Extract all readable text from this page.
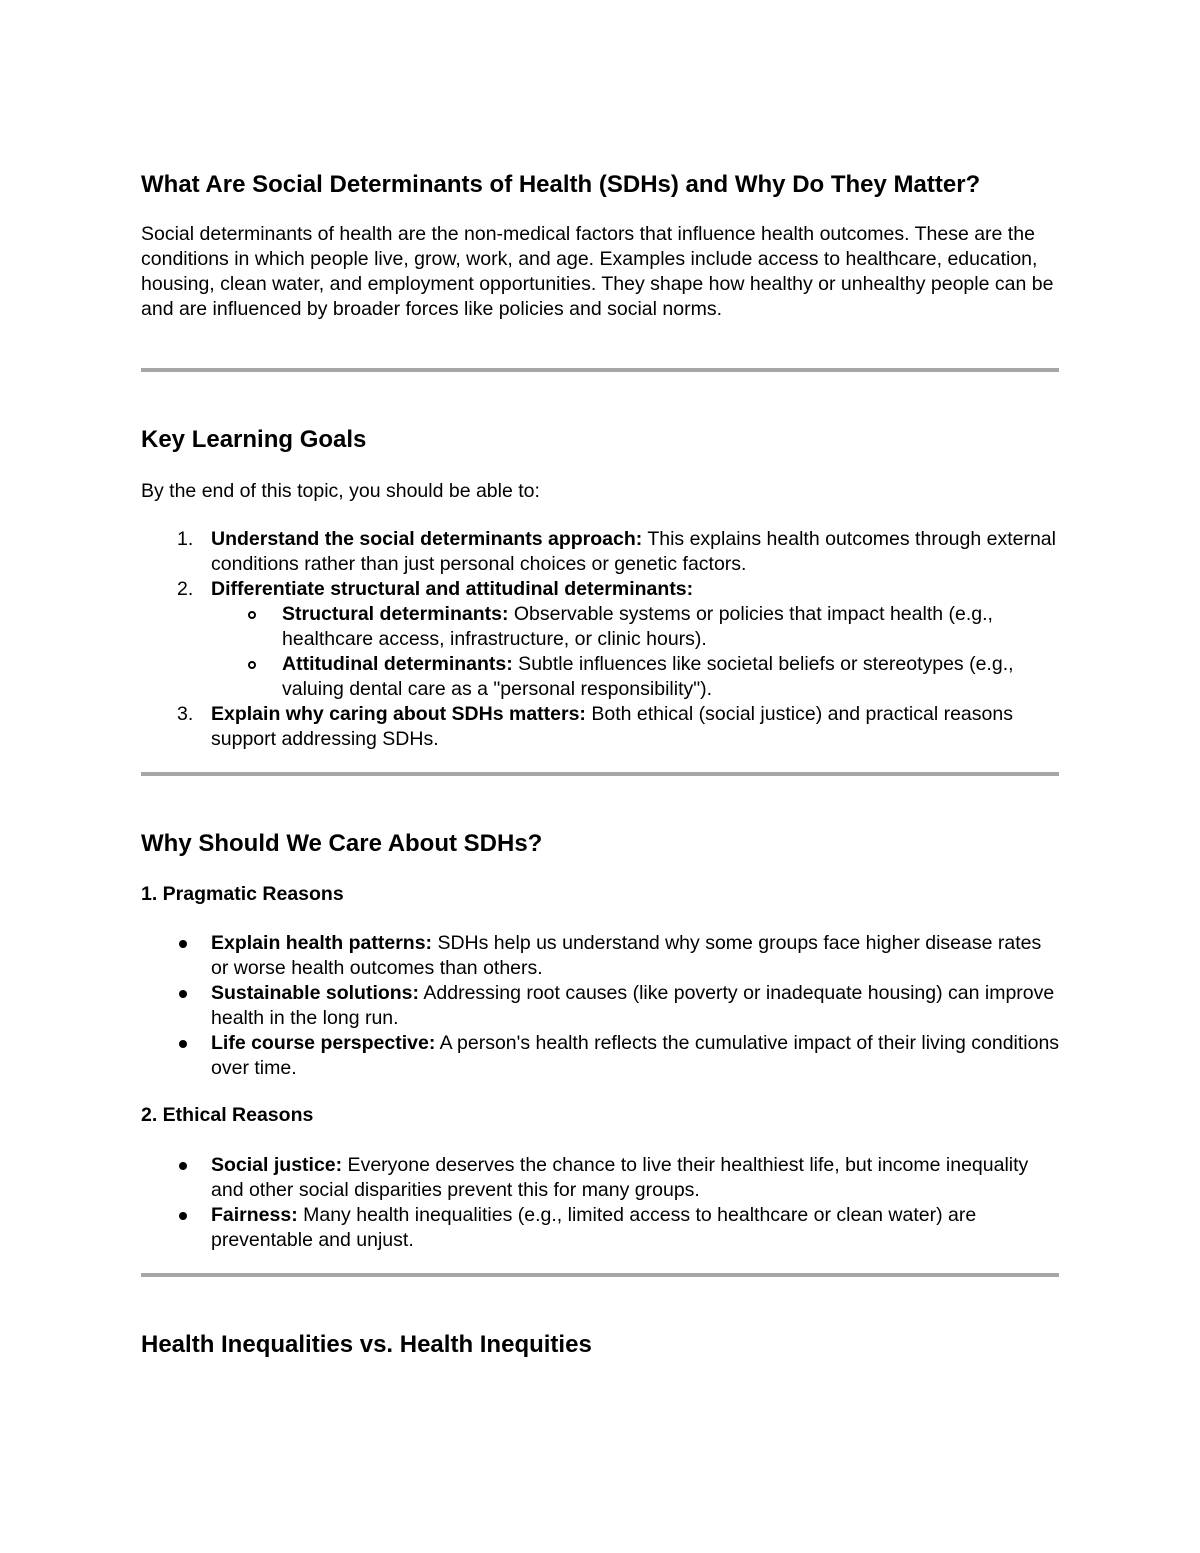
What Are Social Determinants of Health (SDHs) and Why Do They Matter?

Social determinants of health are the non-medical factors that influence health outcomes. These are the conditions in which people live, grow, work, and age. Examples include access to healthcare, education, housing, clean water, and employment opportunities. They shape how healthy or unhealthy people can be and are influenced by broader forces like policies and social norms.

Key Learning Goals

By the end of this topic, you should be able to:

1. Understand the social determinants approach: This explains health outcomes through external conditions rather than just personal choices or genetic factors.
2. Differentiate structural and attitudinal determinants:
Structural determinants: Observable systems or policies that impact health (e.g., healthcare access, infrastructure, or clinic hours).
Attitudinal determinants: Subtle influences like societal beliefs or stereotypes (e.g., valuing dental care as a "personal responsibility").
3. Explain why caring about SDHs matters: Both ethical (social justice) and practical reasons support addressing SDHs.
Why Should We Care About SDHs?
1. Pragmatic Reasons
Explain health patterns: SDHs help us understand why some groups face higher disease rates or worse health outcomes than others.
Sustainable solutions: Addressing root causes (like poverty or inadequate housing) can improve health in the long run.
Life course perspective: A person's health reflects the cumulative impact of their living conditions over time.
2. Ethical Reasons
Social justice: Everyone deserves the chance to live their healthiest life, but income inequality and other social disparities prevent this for many groups.
Fairness: Many health inequalities (e.g., limited access to healthcare or clean water) are preventable and unjust.
Health Inequalities vs. Health Inequities
